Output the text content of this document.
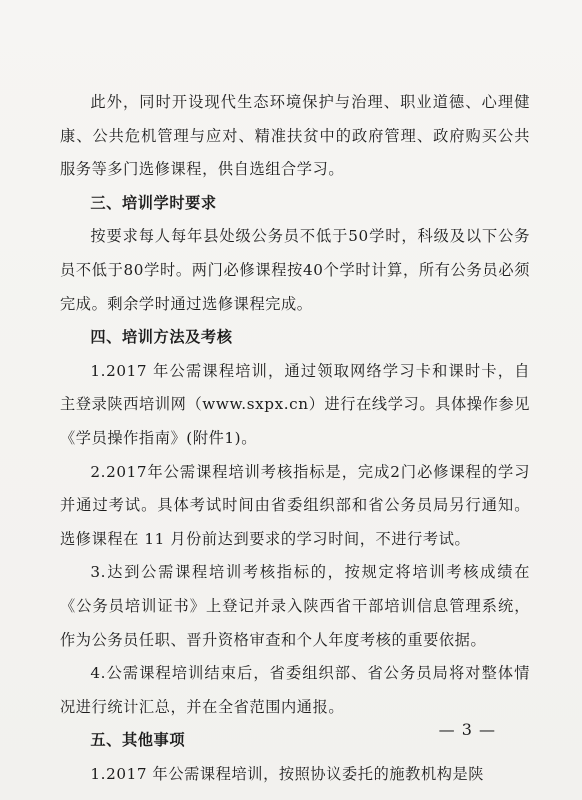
此外，同时开设现代生态环境保护与治理、职业道德、心理健康、公共危机管理与应对、精准扶贫中的政府管理、政府购买公共服务等多门选修课程，供自选组合学习。

三、培训学时要求

按要求每人每年县处级公务员不低于50学时，科级及以下公务员不低于80学时。两门必修课程按40个学时计算，所有公务员必须完成。剩余学时通过选修课程完成。

四、培训方法及考核

1.2017 年公需课程培训，通过领取网络学习卡和课时卡，自主登录陕西培训网（www.sxpx.cn）进行在线学习。具体操作参见《学员操作指南》(附件1)。

2.2017年公需课程培训考核指标是，完成2门必修课程的学习并通过考试。具体考试时间由省委组织部和省公务员局另行通知。选修课程在 11 月份前达到要求的学习时间，不进行考试。

3.达到公需课程培训考核指标的，按规定将培训考核成绩在《公务员培训证书》上登记并录入陕西省干部培训信息管理系统，作为公务员任职、晋升资格审查和个人年度考核的重要依据。

4.公需课程培训结束后，省委组织部、省公务员局将对整体情况进行统计汇总，并在全省范围内通报。

五、其他事项

1.2017 年公需课程培训，按照协议委托的施教机构是陕

— 3 —
